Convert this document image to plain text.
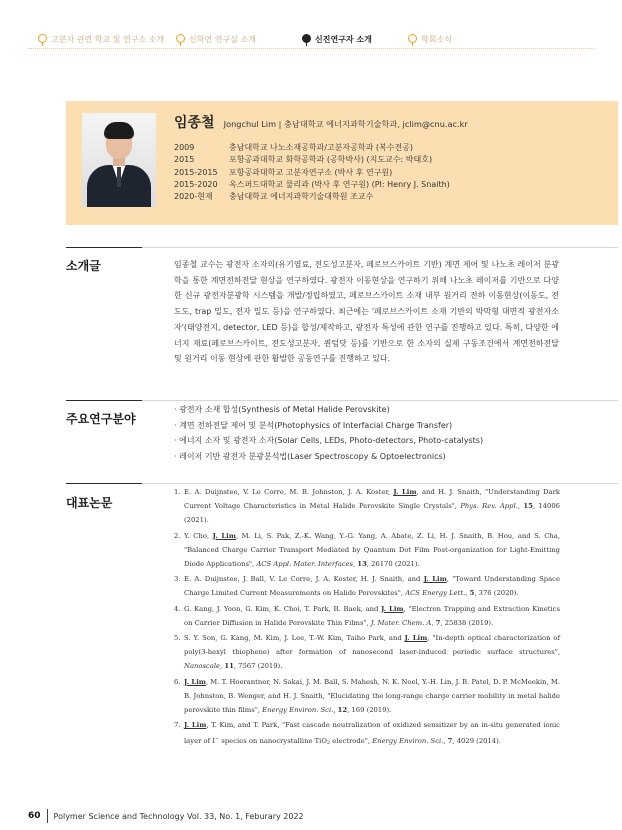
고분자 관련 학교 및 연구소 소개	신학연 연구실 소개	신진연구자 소개	학회소식
임종철 Jongchul Lim | 충남대학교 에너지과학기술학과, jclim@cnu.ac.kr
2009	충남대학교 나노소재공학과/고분자공학과 (복수전공)
2015	포항공과대학교 화학공학과 (공학박사) (지도교수: 박태호)
2015-2015	포항공과대학교 고분자연구소 (박사 후 연구원)
2015-2020	옥스퍼드대학교 물리과 (박사 후 연구원) (PI: Henry J. Snaith)
2020-현재	충남대학교 에너지과학기술대학원 조교수
소개글	임종철 교수는 광전자 소자의(유기염료, 전도성고분자, 페로브스카이트 기반) 계면 제어 및 나노초 레이저 분광학을 통한 계면전하전달 현상을 연구하였다. 광전자 이동현상을 연구하기 위해 나노초 레이저를 기반으로 다양한 신규 광전자분광학 시스템을 개발/정립하였고, 페로브스카이트 소재 내부 원거리 전하 이동현상(이동도, 전도도, trap 밀도, 전자 밀도 등)을 연구하였다. 최근에는 '페로브스카이트 소재 기반의 박막형 대면적 광전자소자'(태양전지, detector, LED 등)을 합성/제작하고, 광전자 특성에 관한 연구를 진행하고 있다. 특히, 다양한 에너지 재료(페로브스카이트, 전도성고분자, 퀀텀닷 등)를 기반으로 한 소자의 실제 구동조건에서 계면전하전달 및 원거리 이동 현상에 관한 활발한 공동연구를 진행하고 있다.
주요연구분야
· 광전자 소재 합성(Synthesis of Metal Halide Perovskite)
· 계면 전하전달 제어 및 분석(Photophysics of Interfacial Charge Transfer)
· 에너지 소자 및 광전자 소자(Solar Cells, LEDs, Photo-detectors, Photo-catalysts)
· 레이저 기반 광전자 분광분석법(Laser Spectroscopy & Optoelectronics)
대표논문
1. E. A. Duijnstee, V. Le Corre, M. B. Johnston, J. A. Koster, J. Lim, and H. J. Snaith, "Understanding Dark Current Voltage Characteristics in Metal Halide Perovskite Single Crystals", Phys. Rev. Appl., 15, 14006 (2021).
2. Y. Cho, J. Lim, M. Li, S. Pak, Z.-K. Wang, Y.-G. Yang, A. Abate, Z. Li, H. J. Snaith, B. Hou, and S. Cha, "Balanced Charge Carrier Transport Mediated by Quantum Dot Film Post-organization for Light-Emitting Diode Applications", ACS Appl. Mater. Interfaces, 13, 26170 (2021).
3. E. A. Duijnstee, J. Ball, V. Le Corre, J. A. Koster, H. J. Snaith, and J. Lim, "Toward Understanding Space Charge Limited Current Measurements on Halide Perovskites", ACS Energy Lett., 5, 376 (2020).
4. G. Kang, J. Yoon, G. Kim, K. Choi, T. Park, R. Baek, and J. Lim, "Electron Trapping and Extraction Kinetics on Carrier Diffusion in Halide Perovskite Thin Films", J. Mater. Chem. A, 7, 25838 (2019).
5. S. Y. Son, G. Kang, M. Kim, J. Lee, T.-W. Kim, Taiho Park, and J. Lim, "In-depth optical characterization of poly(3-hexyl thiophene) after formation of nanosecond laser-induced periodic surface structures", Nanoscale, 11, 7567 (2019).
6. J. Lim, M. T. Hoerantner, N. Sakai, J. M. Ball, S. Mahesh, N. K. Noel, Y.-H. Lin, J. B. Patel, D. P. McMeekin, M. B. Johnston, B. Wenger, and H. J. Snaith, "Elucidating the long-range charge carrier mobility in metal halide perovskite thin films", Energy Environ. Sci., 12, 169 (2019).
7. J. Lim, T. Kim, and T. Park, "Fast cascade neutralization of oxidized sensitizer by an in-situ generated ionic layer of I− species on nanocrystalline TiO$_2$ electrode", Energy Environ. Sci., 7, 4029 (2014).
60 Polymer Science and Technology Vol. 33, No. 1, Feburary 2022
